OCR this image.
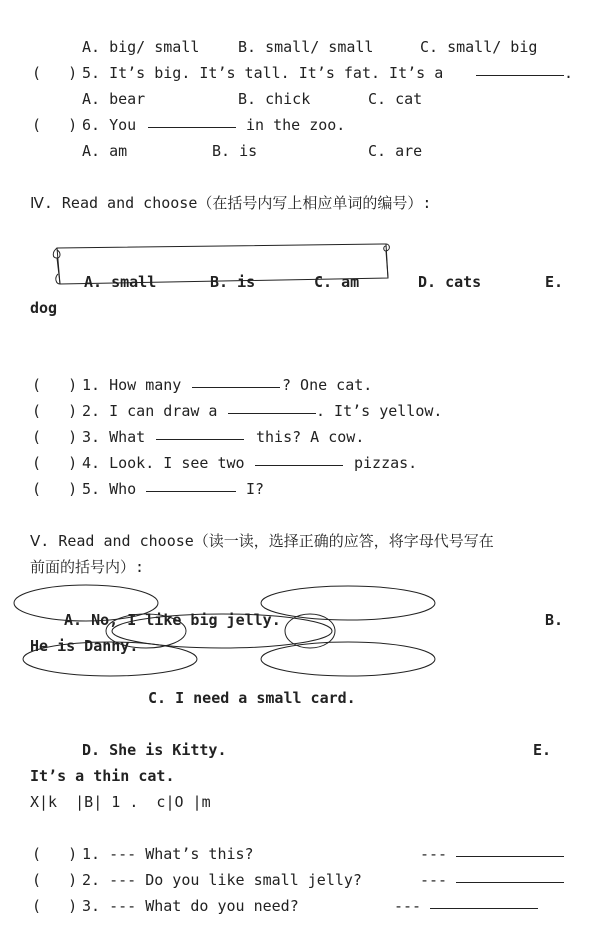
A. big/ small	B. small/ small	C. small/ big
(   ) 5. It’s big. It’s tall. It’s fat. It’s a	.
A. bear	B. chick	C. cat
(   ) 6. You	in the zoo.
A. am	B. is	C. are
Ⅳ. Read and choose（在括号内写上相应单词的编号）:
A. small	B. is	C. am	D. cats	E.
dog
(   ) 1. How many	? One cat.
(   ) 2. I can draw a	. It’s yellow.
(   ) 3. What	this? A cow.
(   ) 4. Look. I see two	pizzas.
(   ) 5. Who	I?
Ⅴ. Read and choose（读一读，选择正确的应答，将字母代号写在
前面的括号内）:
A. No, I like big jelly.	B.
He is Danny.
C. I need a small card.
D. She is Kitty.	E.
It’s a thin cat.
X|k  |B| 1 .  c|O |m
(   ) 1. --- What’s this?	---
(   ) 2. --- Do you like small jelly?	---
(   ) 3. --- What do you need?	---
